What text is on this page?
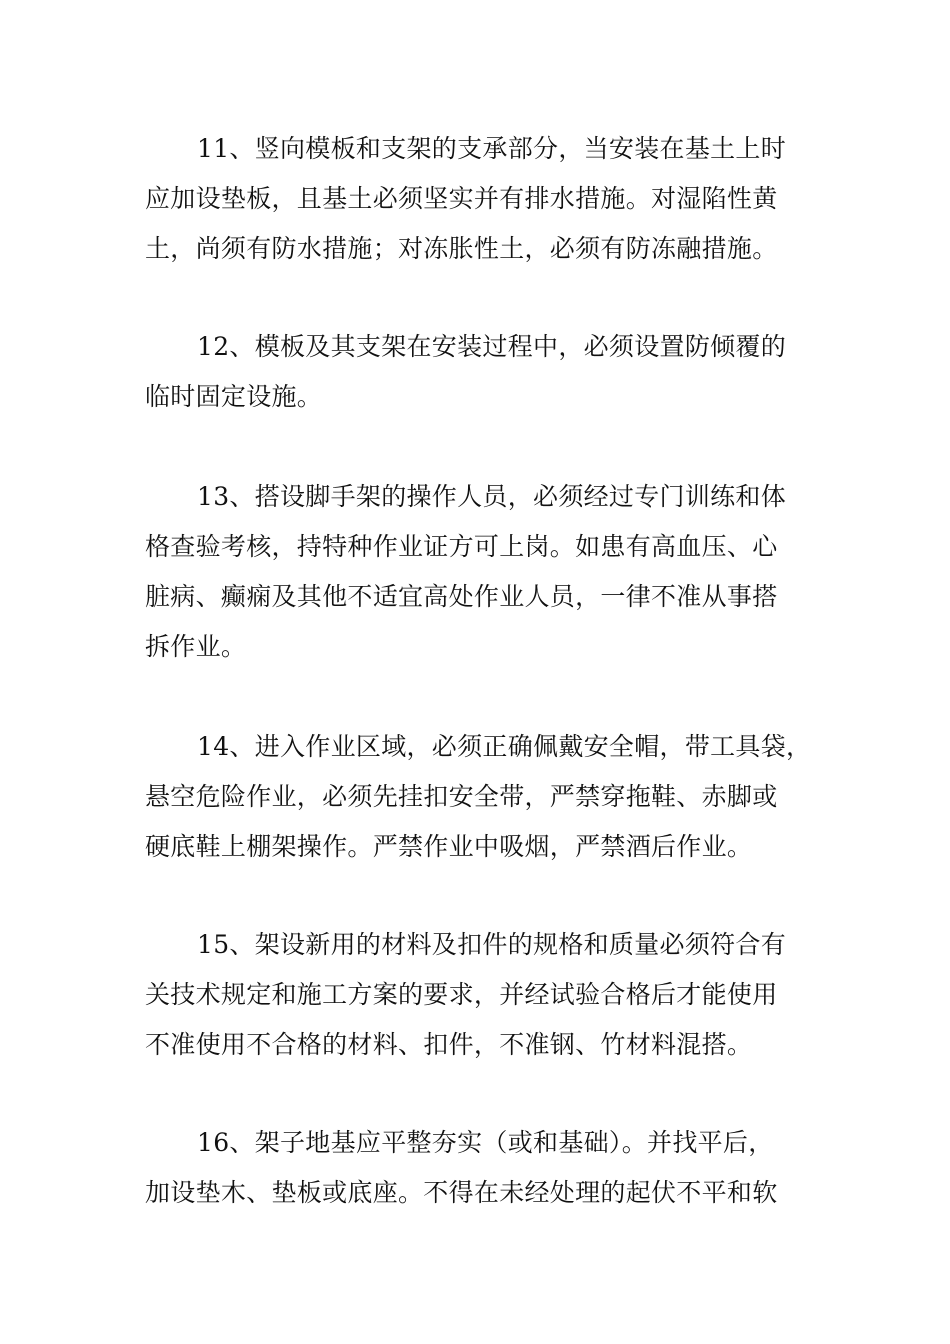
11、竖向模板和支架的支承部分，当安装在基土上时
应加设垫板，且基土必须坚实并有排水措施。对湿陷性黄
土，尚须有防水措施；对冻胀性土，必须有防冻融措施。

12、模板及其支架在安装过程中，必须设置防倾覆的
临时固定设施。

13、搭设脚手架的操作人员，必须经过专门训练和体
格查验考核，持特种作业证方可上岗。如患有高血压、心
脏病、癫痫及其他不适宜高处作业人员，一律不准从事搭
拆作业。

14、进入作业区域，必须正确佩戴安全帽，带工具袋，
悬空危险作业，必须先挂扣安全带，严禁穿拖鞋、赤脚或
硬底鞋上棚架操作。严禁作业中吸烟，严禁酒后作业。

15、架设新用的材料及扣件的规格和质量必须符合有
关技术规定和施工方案的要求，并经试验合格后才能使用
不准使用不合格的材料、扣件，不准钢、竹材料混搭。

16、架子地基应平整夯实（或和基础）。并找平后，
加设垫木、垫板或底座。不得在未经处理的起伏不平和软
